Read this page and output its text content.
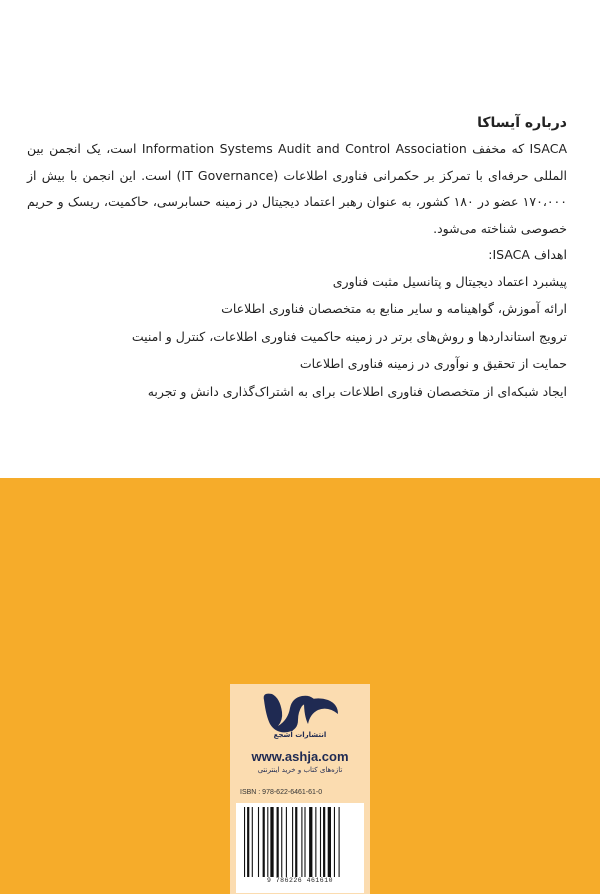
درباره آیساکا

ISACA که مخفف Information Systems Audit and Control Association است، یک انجمن بین المللی حرفه‌ای با تمرکز بر حکمرانی فناوری اطلاعات (IT Governance) است. این انجمن با بیش از ۱۷۰،۰۰۰ عضو در ۱۸۰ کشور، به عنوان رهبر اعتماد دیجیتال در زمینه حسابرسی، حاکمیت، ریسک و حریم خصوصی شناخته می‌شود.

اهداف ISACA:

پیشبرد اعتماد دیجیتال و پتانسیل مثبت فناوری

ارائه آموزش، گواهینامه و سایر منابع به متخصصان فناوری اطلاعات

ترویج استانداردها و روش‌های برتر در زمینه حاکمیت فناوری اطلاعات، کنترل و امنیت

حمایت از تحقیق و نوآوری در زمینه فناوری اطلاعات

ایجاد شبکه‌ای از متخصصان فناوری اطلاعات برای به اشتراک‌گذاری دانش و تجربه

انتشارات آشجع
www.ashja.com
تازه‌های کتاب و خرید اینترنتی
ISBN : 978-622-6461-61-0
9 786226 461610
